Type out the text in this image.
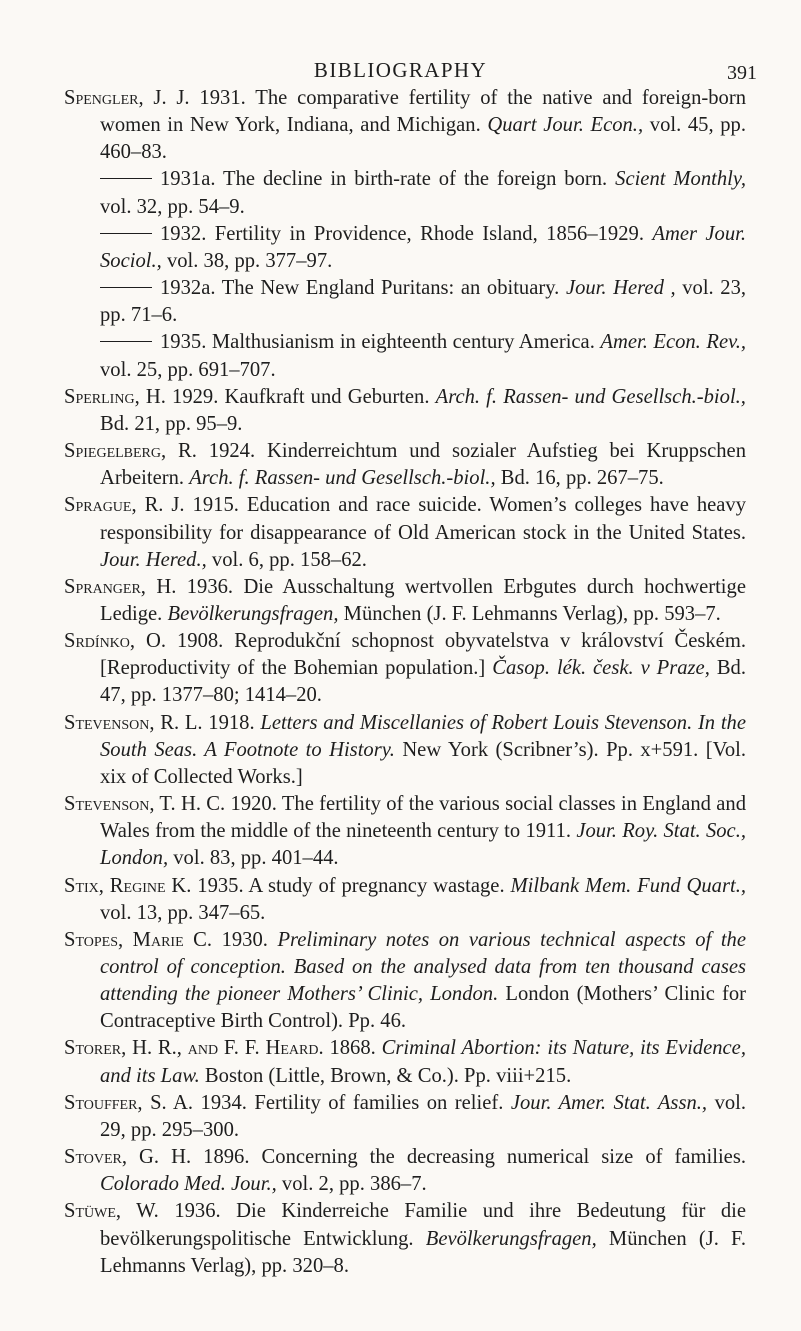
BIBLIOGRAPHY	391

Spengler, J. J. 1931. The comparative fertility of the native and foreign-born women in New York, Indiana, and Michigan. Quart Jour. Econ., vol. 45, pp. 460–83.

1931a. The decline in birth-rate of the foreign born. Scient Monthly, vol. 32, pp. 54–9.

1932. Fertility in Providence, Rhode Island, 1856–1929. Amer Jour. Sociol., vol. 38, pp. 377–97.

1932a. The New England Puritans: an obituary. Jour. Hered , vol. 23, pp. 71–6.

1935. Malthusianism in eighteenth century America. Amer. Econ. Rev., vol. 25, pp. 691–707.

Sperling, H. 1929. Kaufkraft und Geburten. Arch. f. Rassen- und Gesellsch.-biol., Bd. 21, pp. 95–9.

Spiegelberg, R. 1924. Kinderreichtum und sozialer Aufstieg bei Kruppschen Arbeitern. Arch. f. Rassen- und Gesellsch.-biol., Bd. 16, pp. 267–75.

Sprague, R. J. 1915. Education and race suicide. Women’s colleges have heavy responsibility for disappearance of Old American stock in the United States. Jour. Hered., vol. 6, pp. 158–62.

Spranger, H. 1936. Die Ausschaltung wertvollen Erbgutes durch hochwertige Ledige. Bevölkerungsfragen, München (J. F. Lehmanns Verlag), pp. 593–7.

Srdínko, O. 1908. Reprodukční schopnost obyvatelstva v království Českém. [Reproductivity of the Bohemian population.] Časop. lék. česk. v Praze, Bd. 47, pp. 1377–80; 1414–20.

Stevenson, R. L. 1918. Letters and Miscellanies of Robert Louis Stevenson. In the South Seas. A Footnote to History. New York (Scribner’s). Pp. x+591. [Vol. xix of Collected Works.]

Stevenson, T. H. C. 1920. The fertility of the various social classes in England and Wales from the middle of the nineteenth century to 1911. Jour. Roy. Stat. Soc., London, vol. 83, pp. 401–44.

Stix, Regine K. 1935. A study of pregnancy wastage. Milbank Mem. Fund Quart., vol. 13, pp. 347–65.

Stopes, Marie C. 1930. Preliminary notes on various technical aspects of the control of conception. Based on the analysed data from ten thousand cases attending the pioneer Mothers’ Clinic, London. London (Mothers’ Clinic for Contraceptive Birth Control). Pp. 46.

Storer, H. R., and F. F. Heard. 1868. Criminal Abortion: its Nature, its Evidence, and its Law. Boston (Little, Brown, & Co.). Pp. viii+215.

Stouffer, S. A. 1934. Fertility of families on relief. Jour. Amer. Stat. Assn., vol. 29, pp. 295–300.

Stover, G. H. 1896. Concerning the decreasing numerical size of families. Colorado Med. Jour., vol. 2, pp. 386–7.

Stüwe, W. 1936. Die Kinderreiche Familie und ihre Bedeutung für die bevölkerungspolitische Entwicklung. Bevölkerungsfragen, München (J. F. Lehmanns Verlag), pp. 320–8.
